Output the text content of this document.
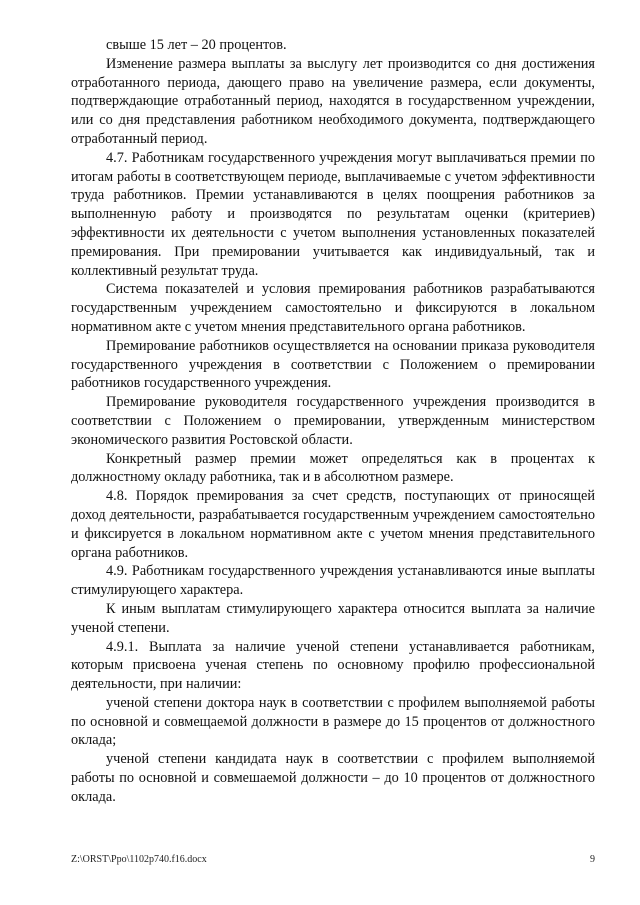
свыше 15 лет – 20 процентов.

Изменение размера выплаты за выслугу лет производится со дня достижения отработанного периода, дающего право на увеличение размера, если документы, подтверждающие отработанный период, находятся в государственном учреждении, или со дня представления работником необходимого документа, подтверждающего отработанный период.

4.7. Работникам государственного учреждения могут выплачиваться премии по итогам работы в соответствующем периоде, выплачиваемые с учетом эффективности труда работников. Премии устанавливаются в целях поощрения работников за выполненную работу и производятся по результатам оценки (критериев) эффективности их деятельности с учетом выполнения установленных показателей премирования. При премировании учитывается как индивидуальный, так и коллективный результат труда.

Система показателей и условия премирования работников разрабатываются государственным учреждением самостоятельно и фиксируются в локальном нормативном акте с учетом мнения представительного органа работников.

Премирование работников осуществляется на основании приказа руководителя государственного учреждения в соответствии с Положением о премировании работников государственного учреждения.

Премирование руководителя государственного учреждения производится в соответствии с Положением о премировании, утвержденным министерством экономического развития Ростовской области.

Конкретный размер премии может определяться как в процентах к должностному окладу работника, так и в абсолютном размере.

4.8. Порядок премирования за счет средств, поступающих от приносящей доход деятельности, разрабатывается государственным учреждением самостоятельно и фиксируется в локальном нормативном акте с учетом мнения представительного органа работников.

4.9. Работникам государственного учреждения устанавливаются иные выплаты стимулирующего характера.

К иным выплатам стимулирующего характера относится выплата за наличие ученой степени.

4.9.1. Выплата за наличие ученой степени устанавливается работникам, которым присвоена ученая степень по основному профилю профессиональной деятельности, при наличии:

ученой степени доктора наук в соответствии с профилем выполняемой работы по основной и совмещаемой должности в размере до 15 процентов от должностного оклада;

ученой степени кандидата наук в соответствии с профилем выполняемой работы по основной и совмешаемой должности – до 10 процентов от должностного оклада.

Z:\ORST\Ppo\1102p740.f16.docx	9
